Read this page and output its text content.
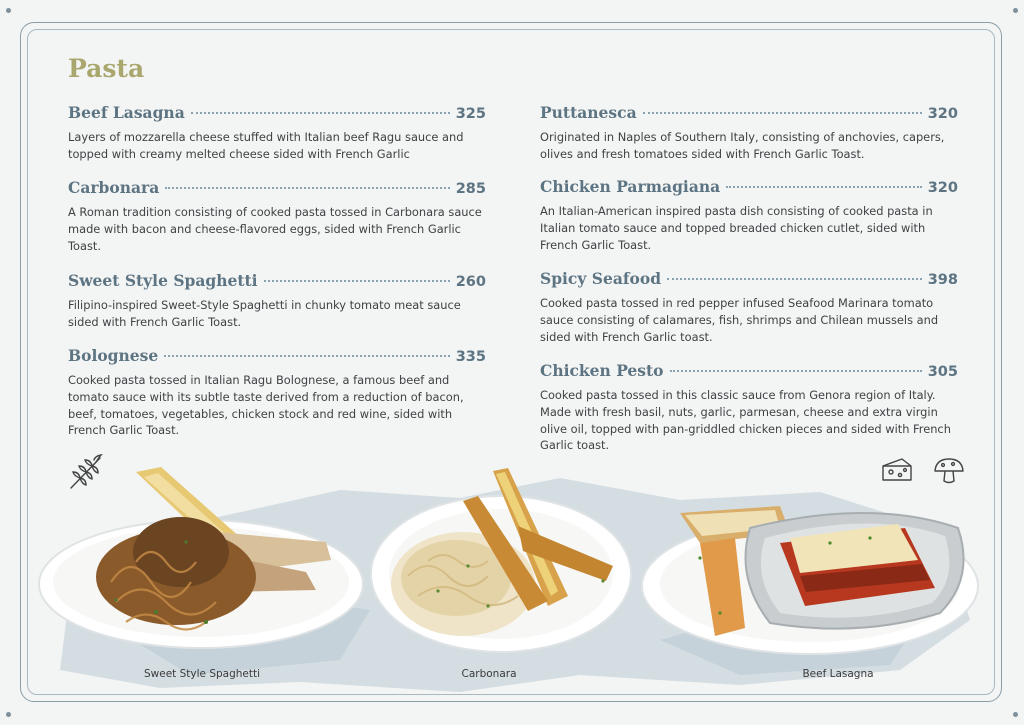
Pasta
Beef Lasagna	325
Layers of mozzarella cheese stuffed with Italian beef Ragu sauce and topped with creamy melted cheese sided with French Garlic
Carbonara	285
A Roman tradition consisting of cooked pasta tossed in Carbonara sauce made with bacon and cheese-flavored eggs, sided with French Garlic Toast.
Sweet Style Spaghetti	260
Filipino-inspired Sweet-Style Spaghetti in chunky tomato meat sauce sided with French Garlic Toast.
Bolognese	335
Cooked pasta tossed in Italian Ragu Bolognese, a famous beef and tomato sauce with its subtle taste derived from a reduction of bacon, beef, tomatoes, vegetables, chicken stock and red wine, sided with French Garlic Toast.
Puttanesca	320
Originated in Naples of Southern Italy, consisting of anchovies, capers, olives and fresh tomatoes sided with French Garlic Toast.
Chicken Parmagiana	320
An Italian-American inspired pasta dish consisting of cooked pasta in Italian tomato sauce and topped breaded chicken cutlet, sided with French Garlic Toast.
Spicy Seafood	398
Cooked pasta tossed in red pepper infused Seafood Marinara tomato sauce consisting of calamares, fish, shrimps and Chilean mussels and sided with French Garlic toast.
Chicken Pesto	305
Cooked pasta tossed in this classic sauce from Genora region of Italy. Made with fresh basil, nuts, garlic, parmesan, cheese and extra virgin olive oil, topped with pan-griddled chicken pieces and sided with French Garlic toast.
Sweet Style Spaghetti	Carbonara	Beef Lasagna
